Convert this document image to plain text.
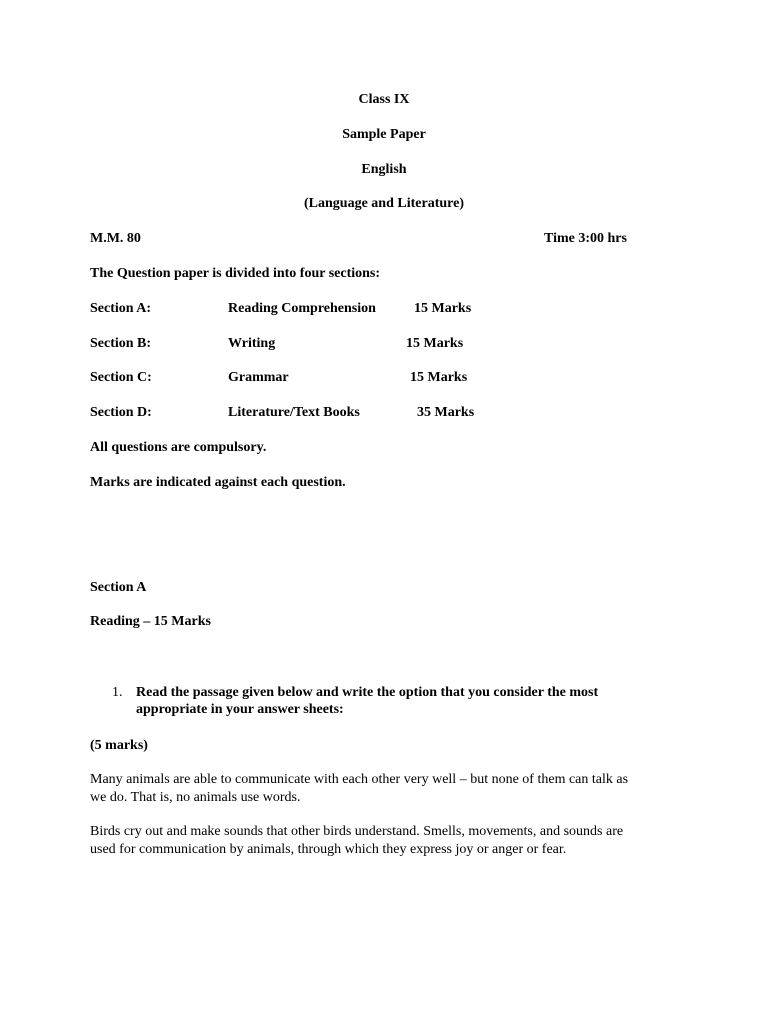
Class IX
Sample Paper
English
(Language and Literature)
M.M. 80	Time 3:00 hrs
The Question paper is divided into four sections:
Section A:	Reading Comprehension	15 Marks
Section B:	Writing	15 Marks
Section C:	Grammar	15 Marks
Section D:	Literature/Text Books	35 Marks
All questions are compulsory.
Marks are indicated against each question.
Section A
Reading – 15 Marks
1. Read the passage given below and write the option that you consider the most
appropriate in your answer sheets:
(5 marks)
Many animals are able to communicate with each other very well – but none of them can talk as
we do. That is, no animals use words.
Birds cry out and make sounds that other birds understand. Smells, movements, and sounds are
used for communication by animals, through which they express joy or anger or fear.
